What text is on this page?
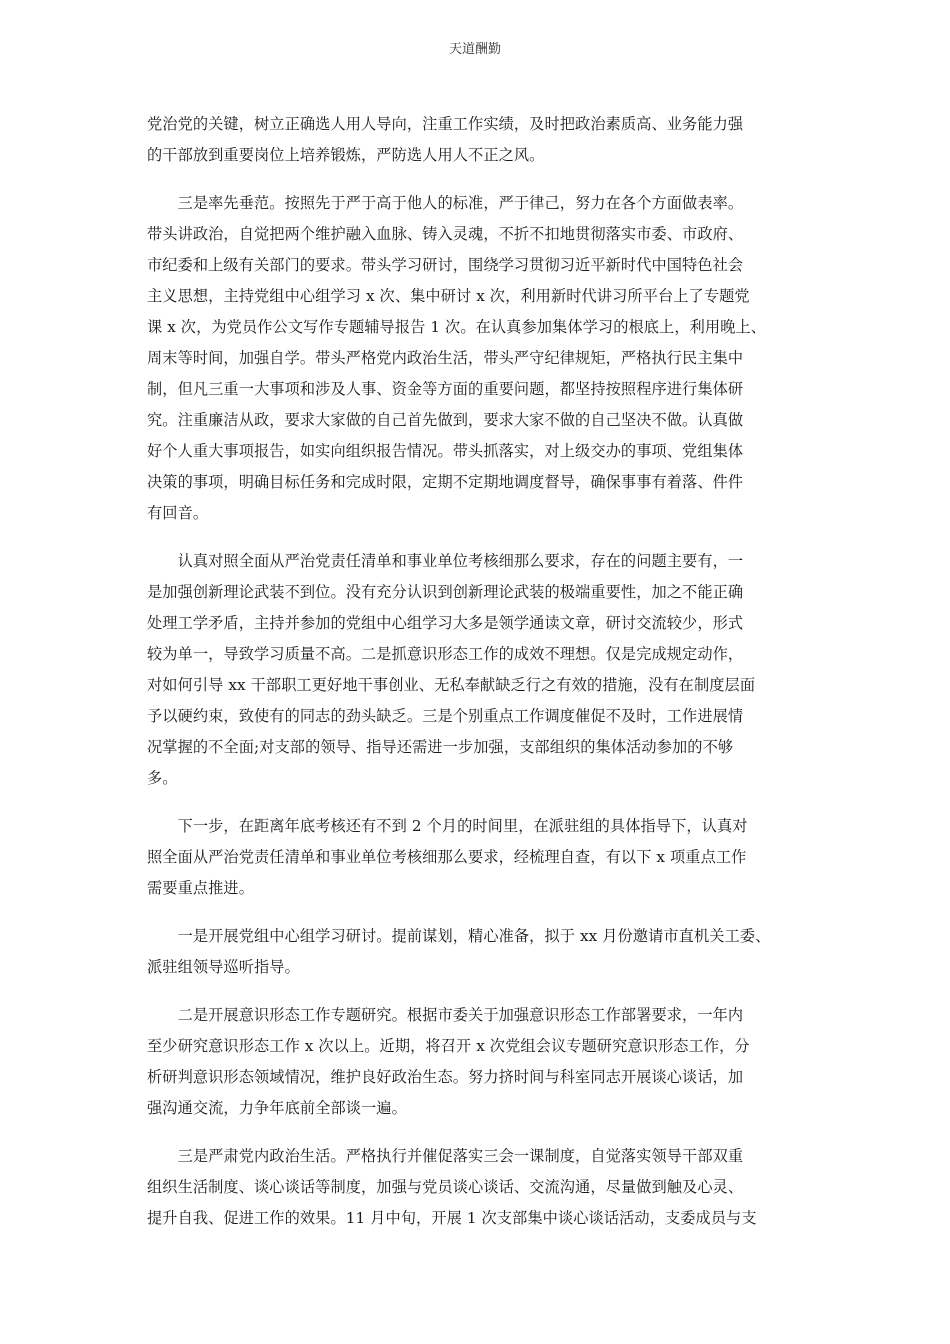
天道酬勤

党治党的关键，树立正确选人用人导向，注重工作实绩，及时把政治素质高、业务能力强
的干部放到重要岗位上培养锻炼，严防选人用人不正之风。

　　三是率先垂范。按照先于严于高于他人的标准，严于律己，努力在各个方面做表率。
带头讲政治，自觉把两个维护融入血脉、铸入灵魂，不折不扣地贯彻落实市委、市政府、
市纪委和上级有关部门的要求。带头学习研讨，围绕学习贯彻习近平新时代中国特色社会
主义思想，主持党组中心组学习 x 次、集中研讨 x 次，利用新时代讲习所平台上了专题党
课 x 次，为党员作公文写作专题辅导报告 1 次。在认真参加集体学习的根底上，利用晚上、
周末等时间，加强自学。带头严格党内政治生活，带头严守纪律规矩，严格执行民主集中
制，但凡三重一大事项和涉及人事、资金等方面的重要问题，都坚持按照程序进行集体研
究。注重廉洁从政，要求大家做的自己首先做到，要求大家不做的自己坚决不做。认真做
好个人重大事项报告，如实向组织报告情况。带头抓落实，对上级交办的事项、党组集体
决策的事项，明确目标任务和完成时限，定期不定期地调度督导，确保事事有着落、件件
有回音。

　　认真对照全面从严治党责任清单和事业单位考核细那么要求，存在的问题主要有，一
是加强创新理论武装不到位。没有充分认识到创新理论武装的极端重要性，加之不能正确
处理工学矛盾，主持并参加的党组中心组学习大多是领学通读文章，研讨交流较少，形式
较为单一，导致学习质量不高。二是抓意识形态工作的成效不理想。仅是完成规定动作，
对如何引导 xx 干部职工更好地干事创业、无私奉献缺乏行之有效的措施，没有在制度层面
予以硬约束，致使有的同志的劲头缺乏。三是个别重点工作调度催促不及时，工作进展情
况掌握的不全面;对支部的领导、指导还需进一步加强，支部组织的集体活动参加的不够
多。

　　下一步，在距离年底考核还有不到 2 个月的时间里，在派驻组的具体指导下，认真对
照全面从严治党责任清单和事业单位考核细那么要求，经梳理自查，有以下 x 项重点工作
需要重点推进。

　　一是开展党组中心组学习研讨。提前谋划，精心准备，拟于 xx 月份邀请市直机关工委、
派驻组领导巡听指导。

　　二是开展意识形态工作专题研究。根据市委关于加强意识形态工作部署要求，一年内
至少研究意识形态工作 x 次以上。近期，将召开 x 次党组会议专题研究意识形态工作，分
析研判意识形态领域情况，维护良好政治生态。努力挤时间与科室同志开展谈心谈话，加
强沟通交流，力争年底前全部谈一遍。

　　三是严肃党内政治生活。严格执行并催促落实三会一课制度，自觉落实领导干部双重
组织生活制度、谈心谈话等制度，加强与党员谈心谈话、交流沟通，尽量做到触及心灵、
提升自我、促进工作的效果。11 月中旬，开展 1 次支部集中谈心谈话活动，支委成员与支
